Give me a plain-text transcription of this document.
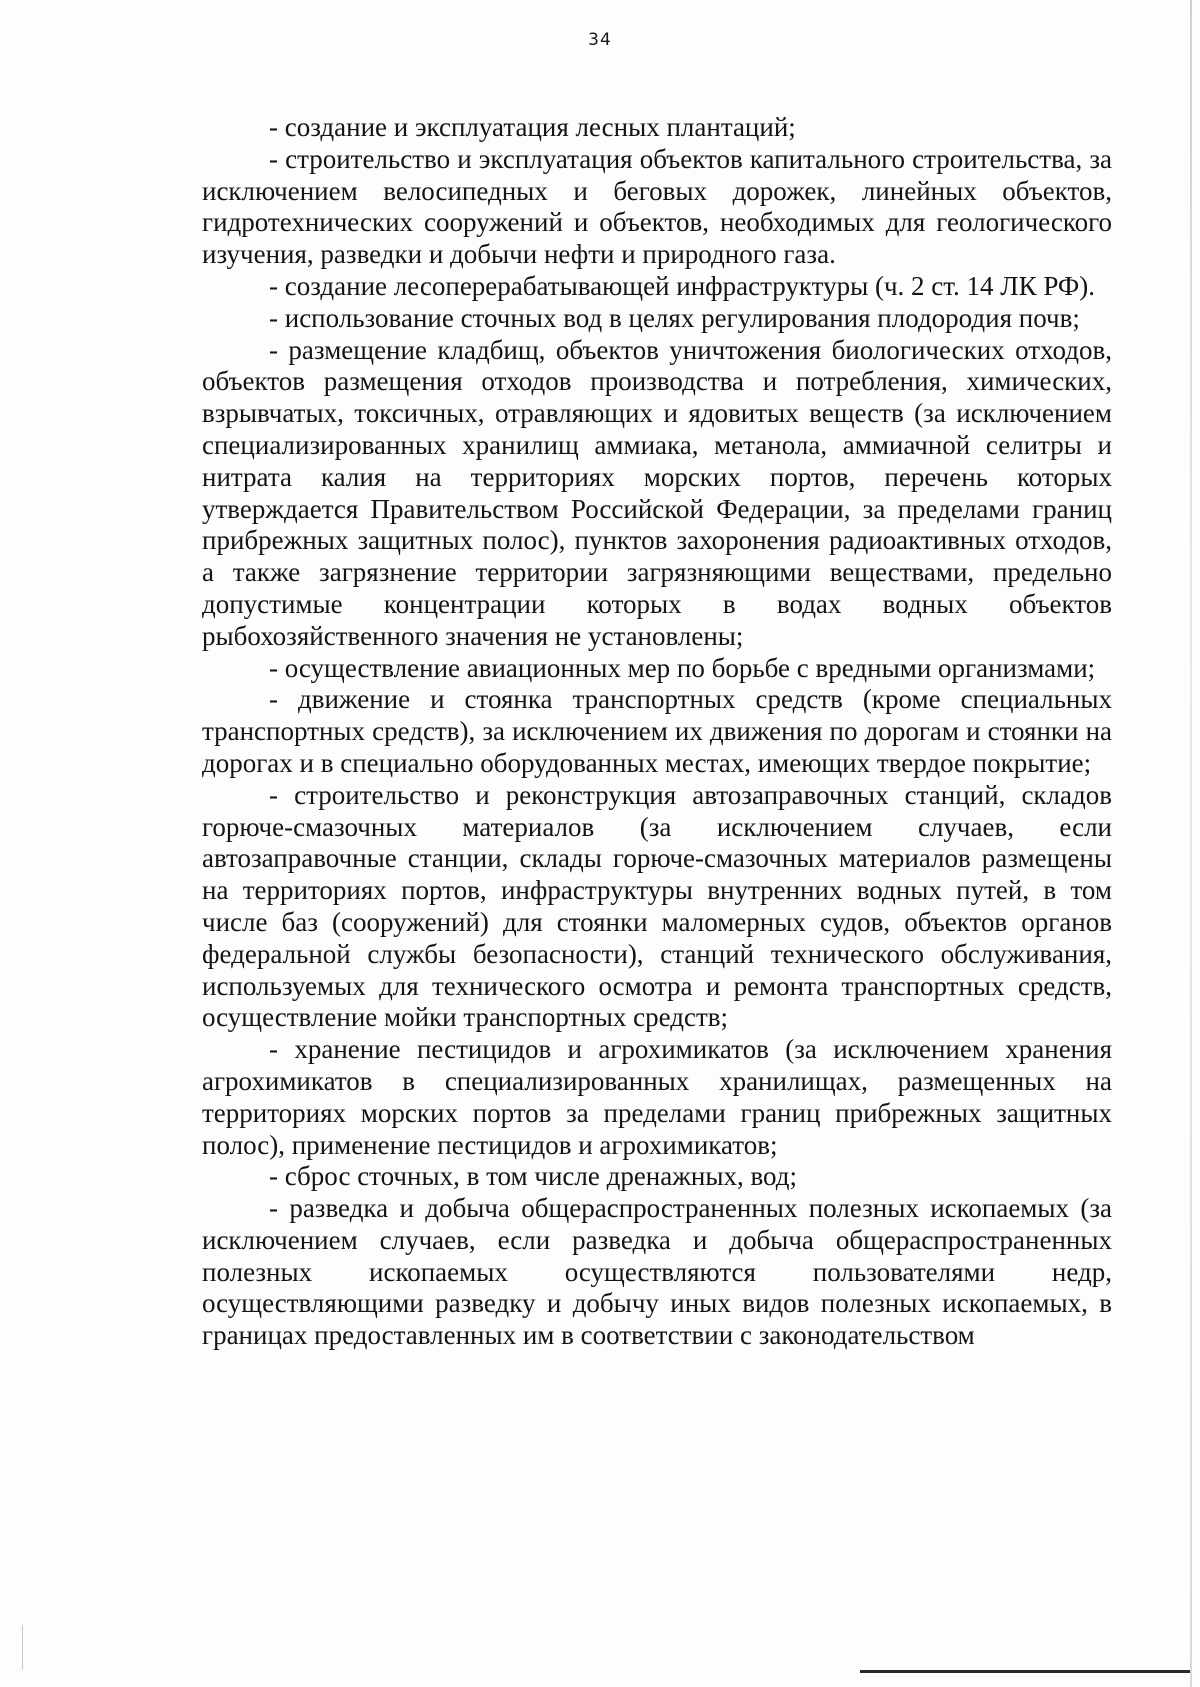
34

- создание и эксплуатация лесных плантаций;

- строительство и эксплуатация объектов капитального строительства, за исключением велосипедных и беговых дорожек, линейных объектов, гидротехнических сооружений и объектов, необходимых для геологического изучения, разведки и добычи нефти и природного газа.

- создание лесоперерабатывающей инфраструктуры (ч. 2 ст. 14 ЛК РФ).

- использование сточных вод в целях регулирования плодородия почв;

- размещение кладбищ, объектов уничтожения биологических отходов, объектов размещения отходов производства и потребления, химических, взрывчатых, токсичных, отравляющих и ядовитых веществ (за исключением специализированных хранилищ аммиака, метанола, аммиачной селитры и нитрата калия на территориях морских портов, перечень которых утверждается Правительством Российской Федерации, за пределами границ прибрежных защитных полос), пунктов захоронения радиоактивных отходов, а также загрязнение территории загрязняющими веществами, предельно допустимые концентрации которых в водах водных объектов рыбохозяйственного значения не установлены;

- осуществление авиационных мер по борьбе с вредными организмами;

- движение и стоянка транспортных средств (кроме специальных транспортных средств), за исключением их движения по дорогам и стоянки на дорогах и в специально оборудованных местах, имеющих твердое покрытие;

- строительство и реконструкция автозаправочных станций, складов горюче-смазочных материалов (за исключением случаев, если автозаправочные станции, склады горюче-смазочных материалов размещены на территориях портов, инфраструктуры внутренних водных путей, в том числе баз (сооружений) для стоянки маломерных судов, объектов органов федеральной службы безопасности), станций технического обслуживания, используемых для технического осмотра и ремонта транспортных средств, осуществление мойки транспортных средств;

- хранение пестицидов и агрохимикатов (за исключением хранения агрохимикатов в специализированных хранилищах, размещенных на территориях морских портов за пределами границ прибрежных защитных полос), применение пестицидов и агрохимикатов;

- сброс сточных, в том числе дренажных, вод;

- разведка и добыча общераспространенных полезных ископаемых (за исключением случаев, если разведка и добыча общераспространенных полезных ископаемых осуществляются пользователями недр, осуществляющими разведку и добычу иных видов полезных ископаемых, в границах предоставленных им в соответствии с законодательством
